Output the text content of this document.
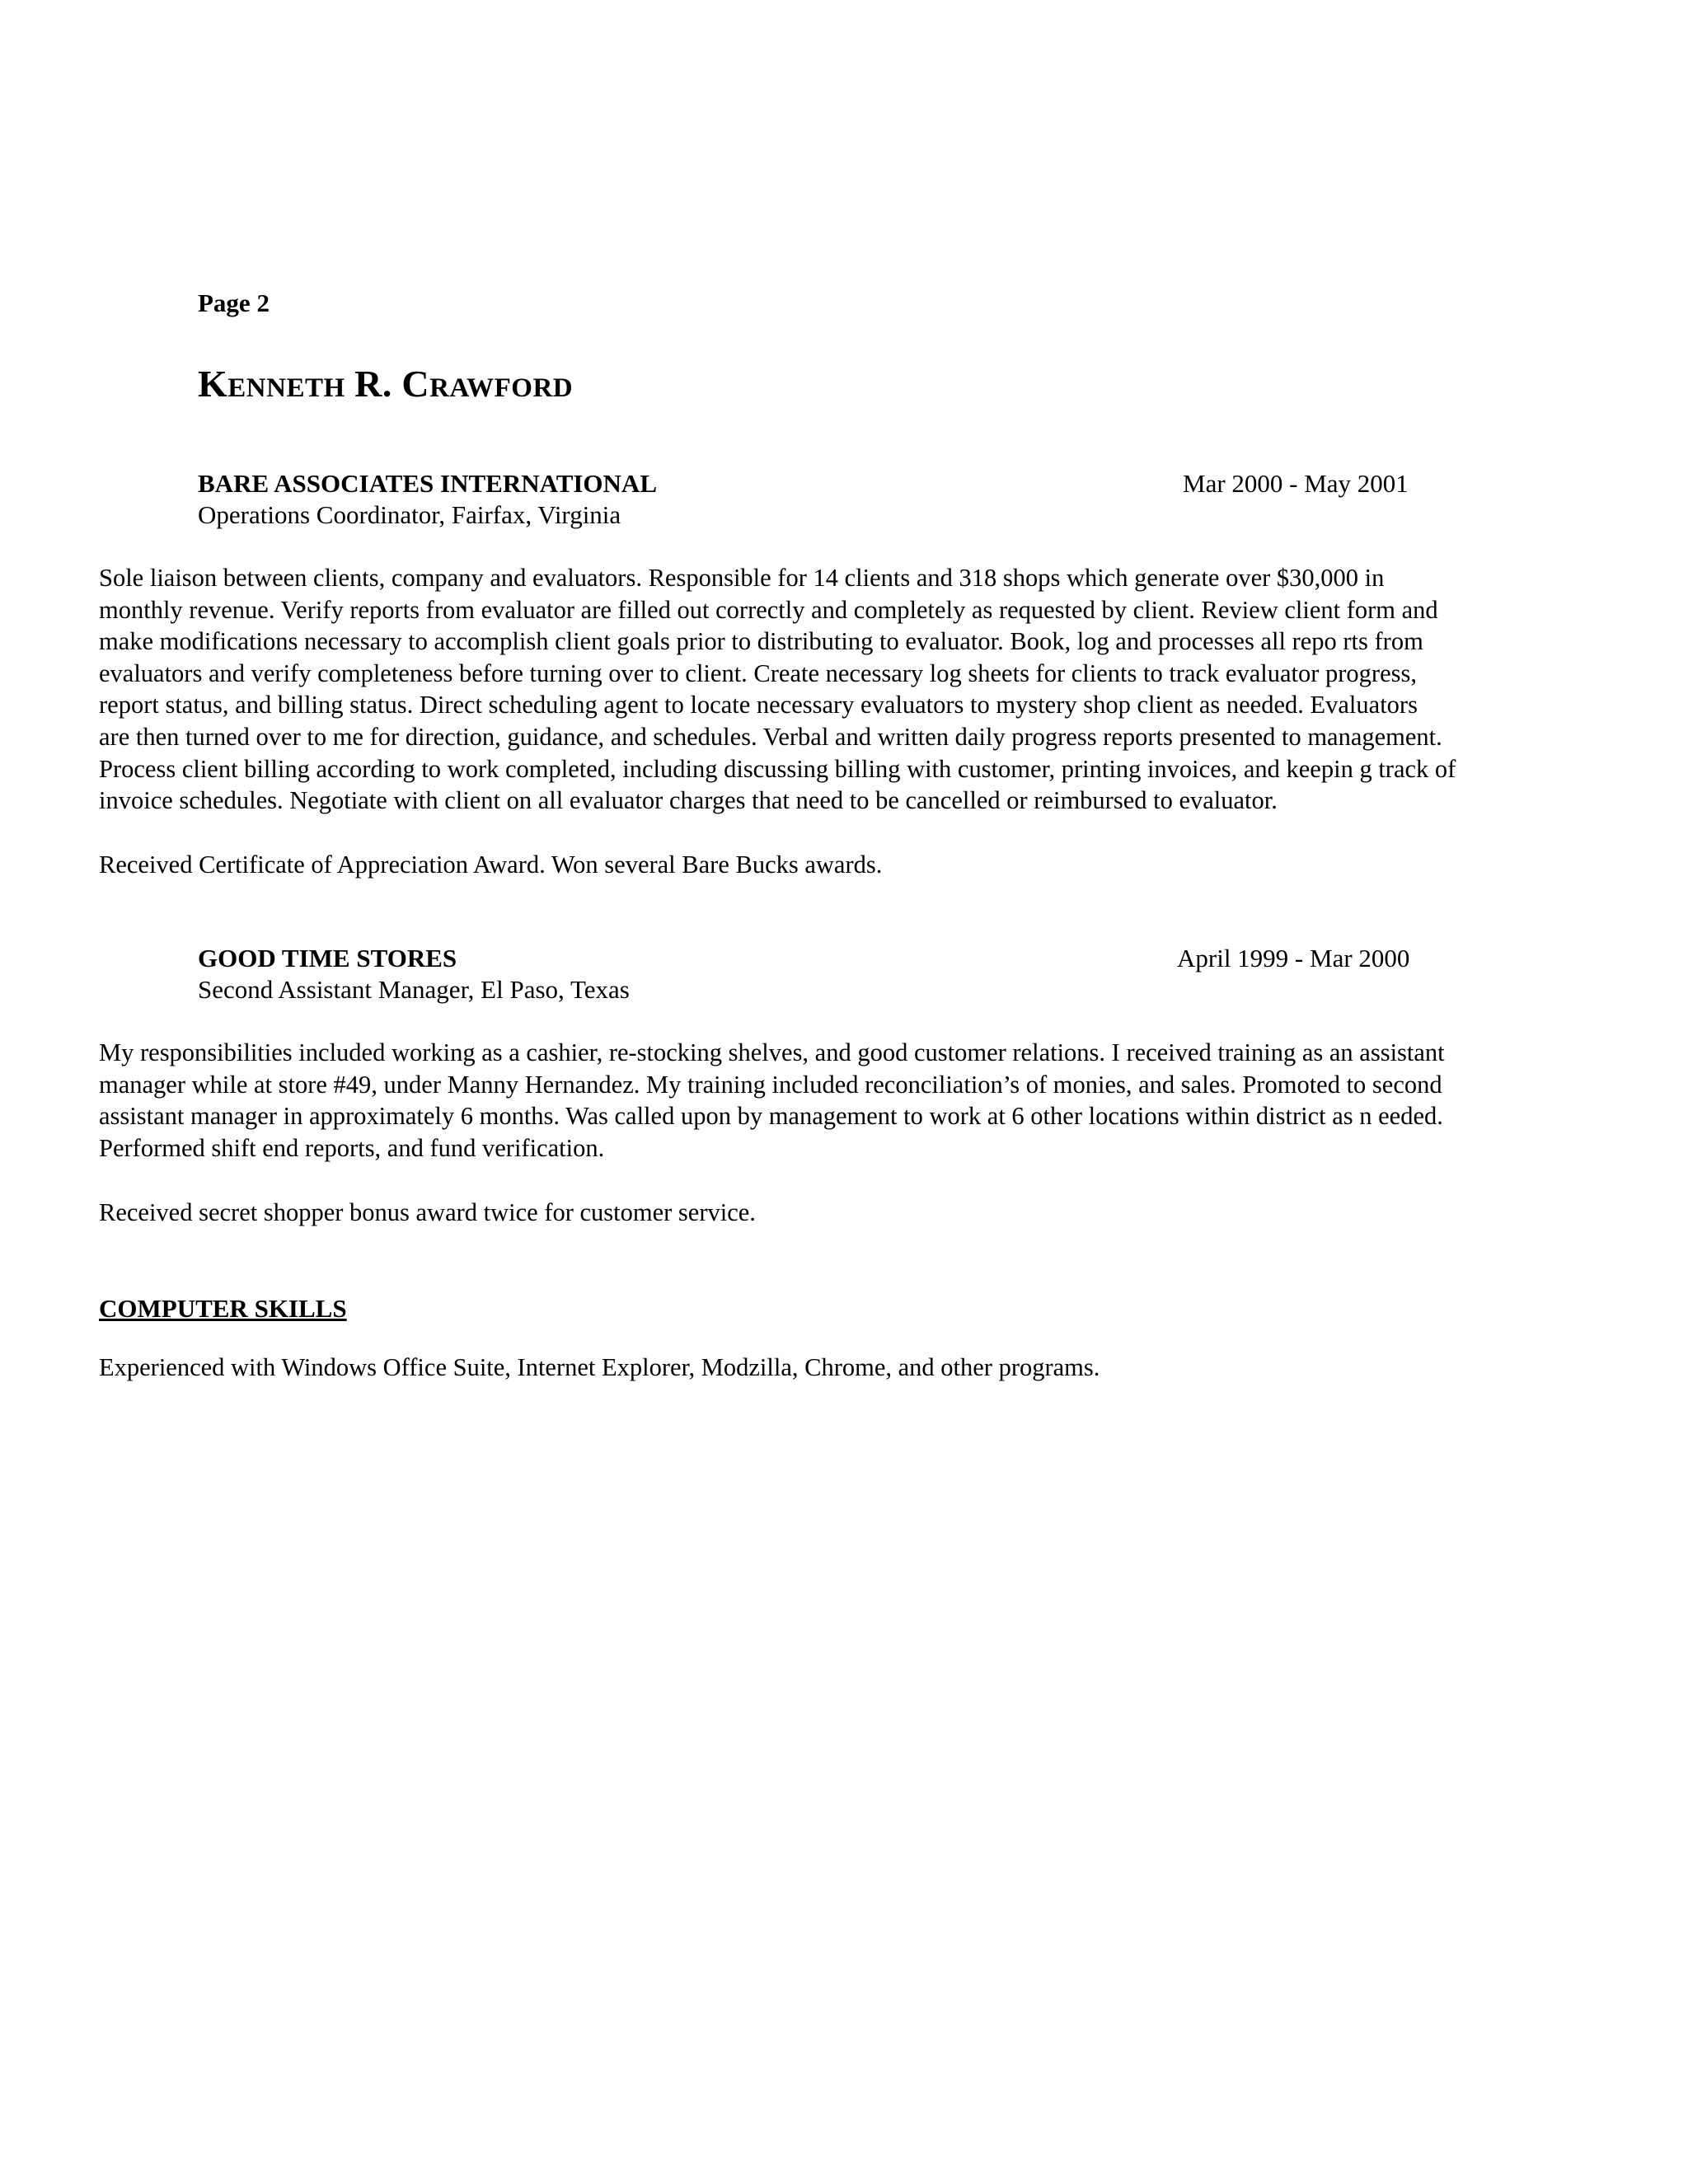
Page 2
KENNETH R. CRAWFORD
BARE ASSOCIATES INTERNATIONAL	Mar 2000 - May 2001
Operations Coordinator, Fairfax, Virginia
Sole liaison between clients, company and evaluators. Responsible for 14 clients and 318 shops which generate over $30,000 in
monthly revenue. Verify reports from evaluator are filled out correctly and completely as requested by client. Review client form and
make modifications necessary to accomplish client goals prior to distributing to evaluator. Book, log and processes all repo rts from
evaluators and verify completeness before turning over to client. Create necessary log sheets for clients to track evaluator progress,
report status, and billing status. Direct scheduling agent to locate necessary evaluators to mystery shop client as needed. Evaluators
are then turned over to me for direction, guidance, and schedules. Verbal and written daily progress reports presented to management.
Process client billing according to work completed, including discussing billing with customer, printing invoices, and keepin g track of
invoice schedules. Negotiate with client on all evaluator charges that need to be cancelled or reimbursed to evaluator.
Received Certificate of Appreciation Award. Won several Bare Bucks awards.
GOOD TIME STORES	April 1999 - Mar 2000
Second Assistant Manager, El Paso, Texas
My responsibilities included working as a cashier, re-stocking shelves, and good customer relations. I received training as an assistant
manager while at store #49, under Manny Hernandez. My training included reconciliation’s of monies, and sales. Promoted to second
assistant manager in approximately 6 months. Was called upon by management to work at 6 other locations within district as n eeded.
Performed shift end reports, and fund verification.
Received secret shopper bonus award twice for customer service.
COMPUTER SKILLS
Experienced with Windows Office Suite, Internet Explorer, Modzilla, Chrome, and other programs.
